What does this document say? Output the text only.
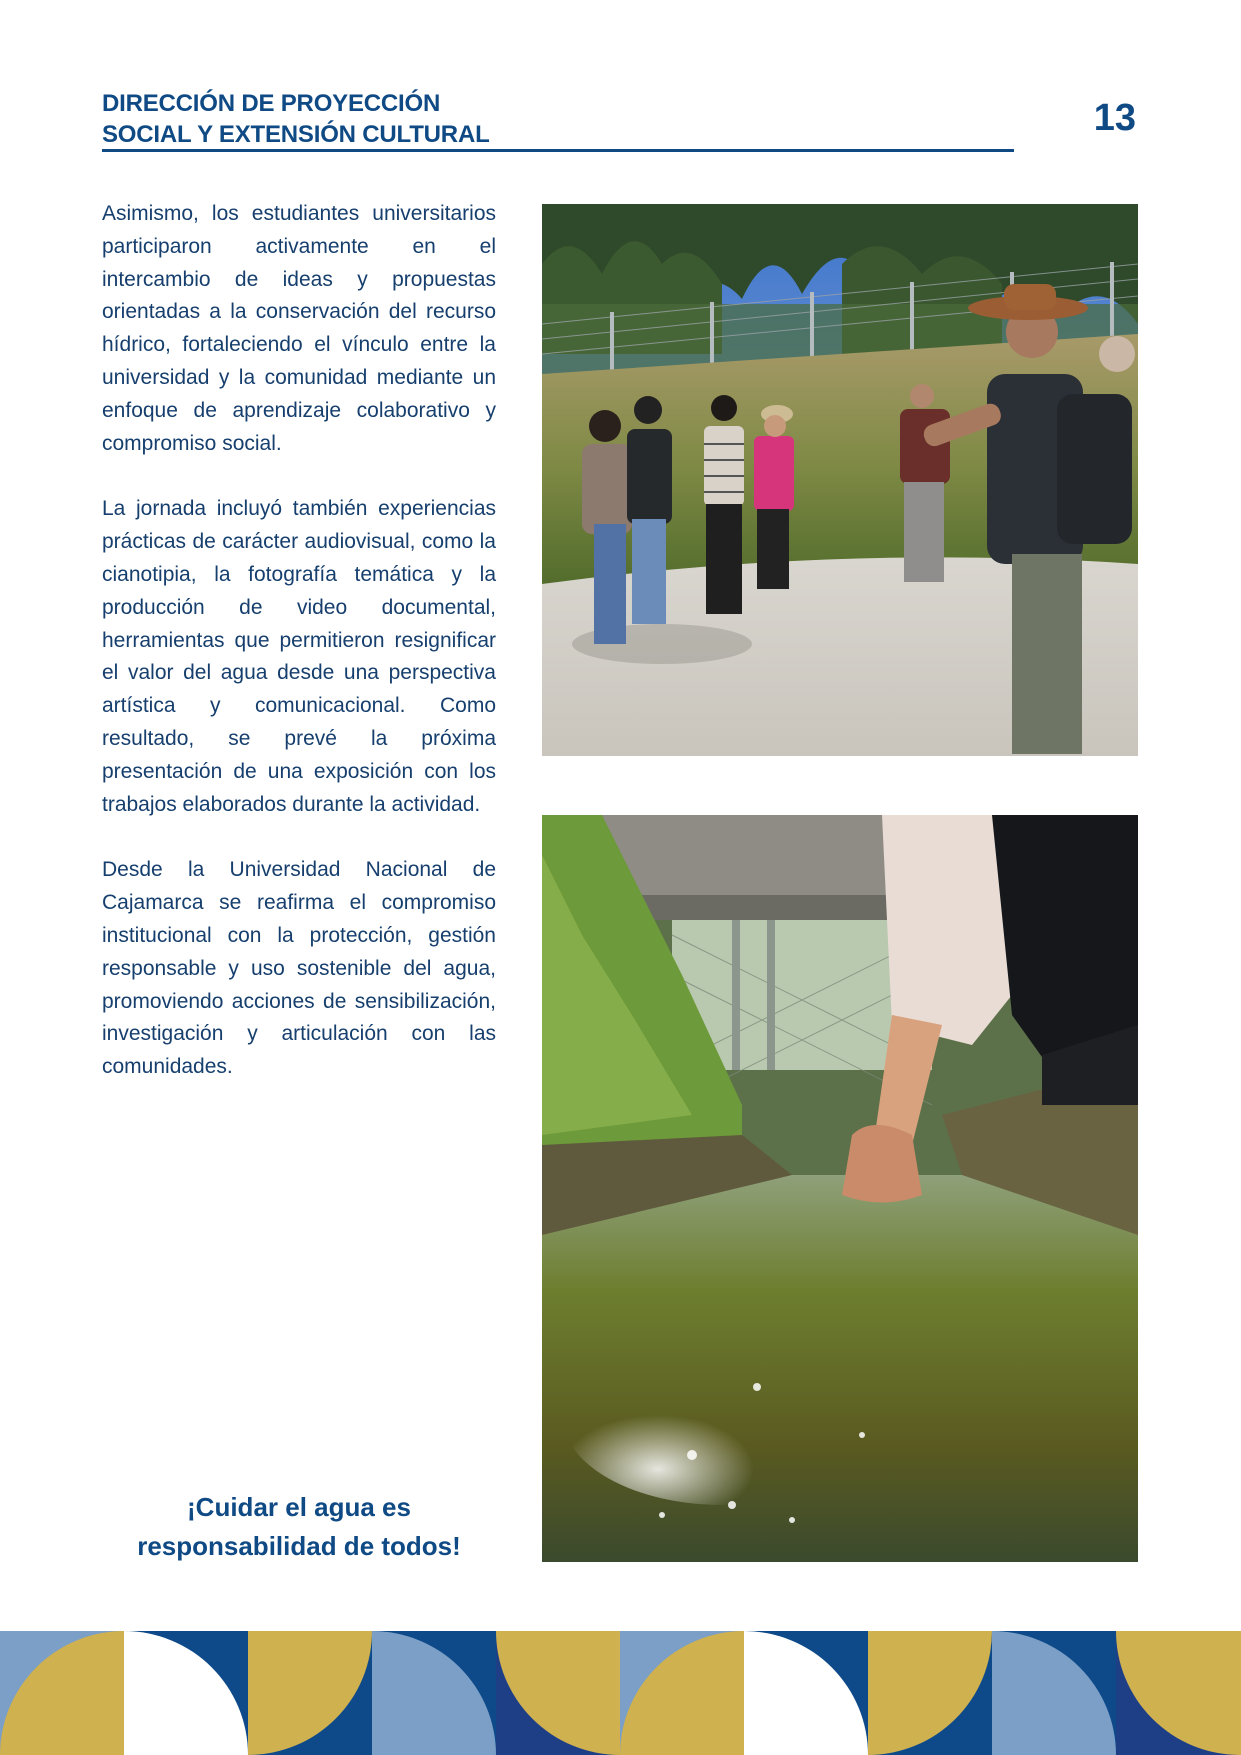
DIRECCIÓN DE PROYECCIÓN
SOCIAL Y EXTENSIÓN CULTURAL	13

Asimismo, los estudiantes universitarios participaron activamente en el intercambio de ideas y propuestas orientadas a la conservación del recurso hídrico, fortaleciendo el vínculo entre la universidad y la comunidad mediante un enfoque de aprendizaje colaborativo y compromiso social.

La jornada incluyó también experiencias prácticas de carácter audiovisual, como la cianotipia, la fotografía temática y la producción de video documental, herramientas que permitieron resignificar el valor del agua desde una perspectiva artística y comunicacional. Como resultado, se prevé la próxima presentación de una exposición con los trabajos elaborados durante la actividad.

Desde la Universidad Nacional de Cajamarca se reafirma el compromiso institucional con la protección, gestión responsable y uso sostenible del agua, promoviendo acciones de sensibilización, investigación y articulación con las comunidades.

¡Cuidar el agua es
responsabilidad de todos!
